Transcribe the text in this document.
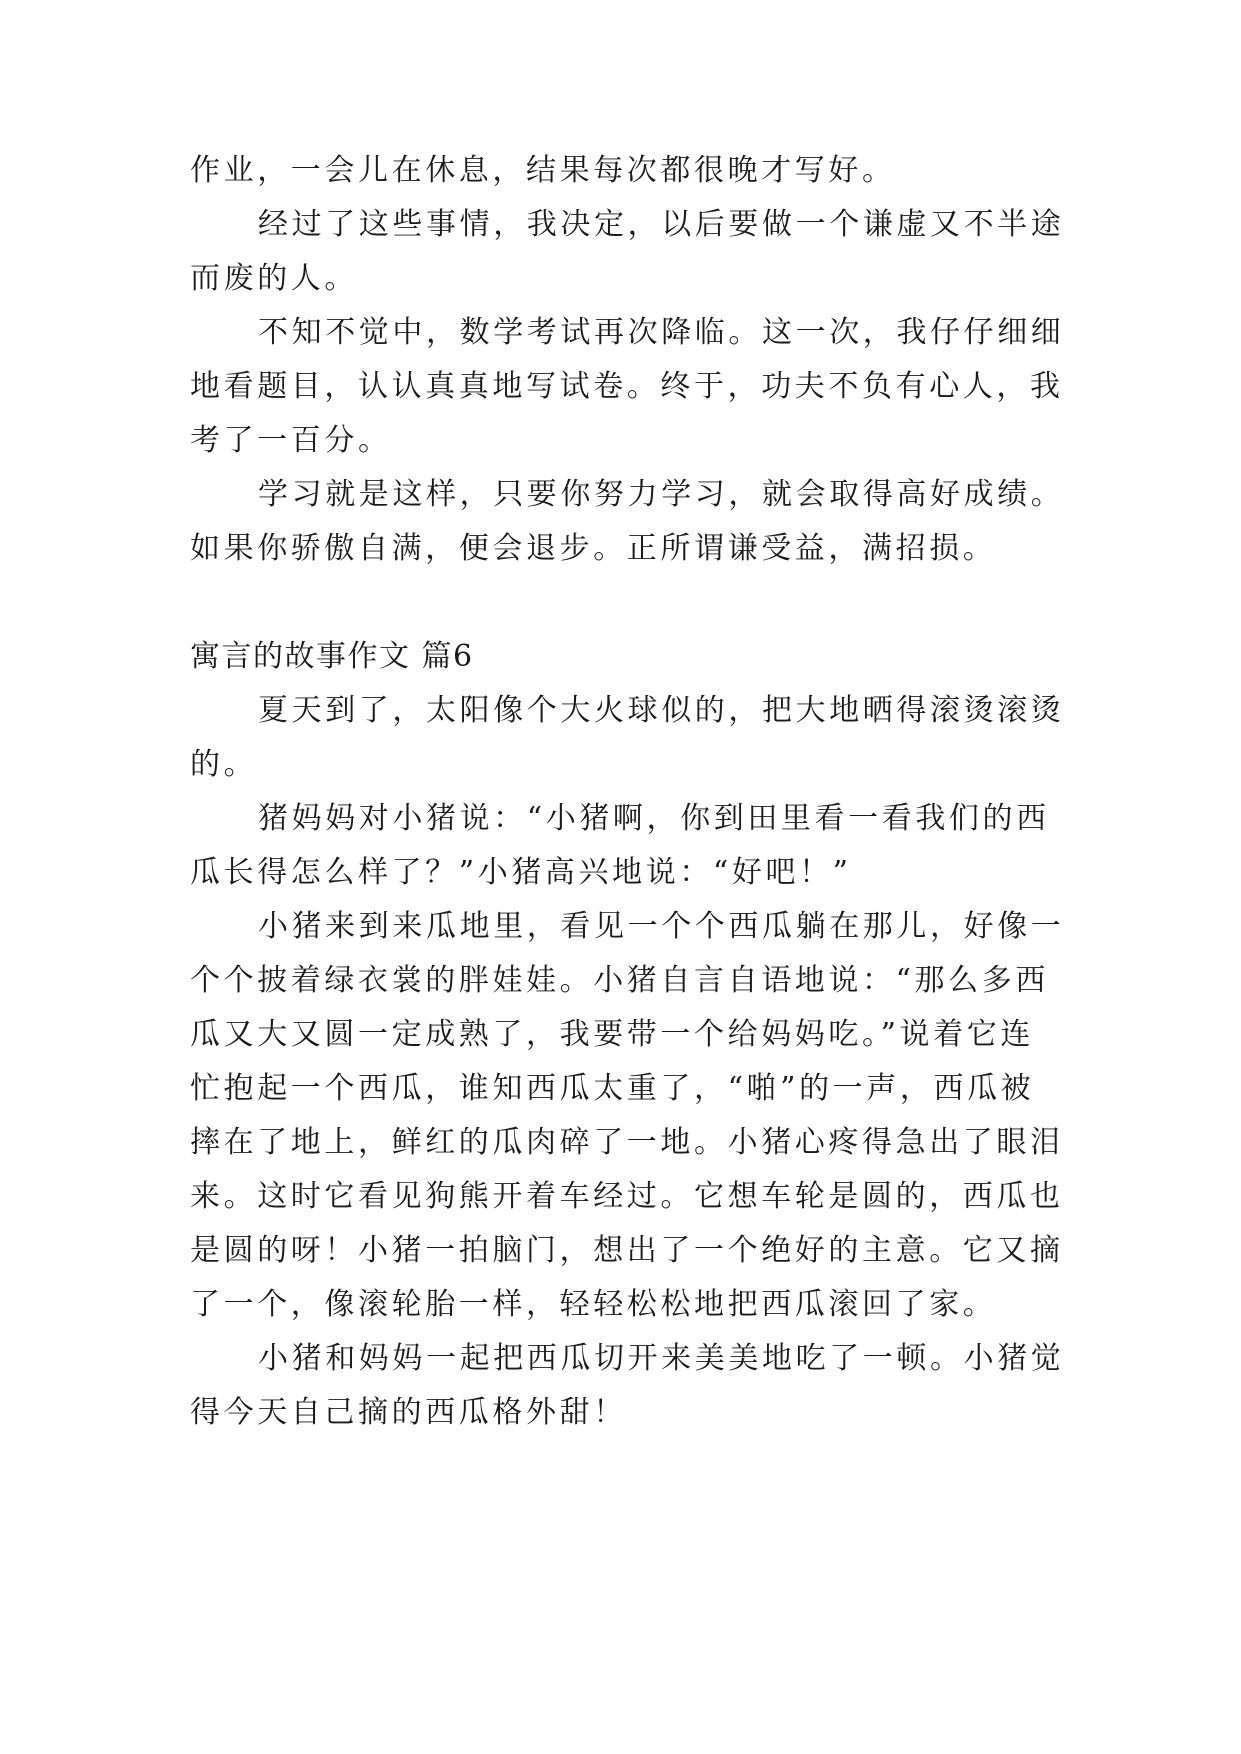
作业，一会儿在休息，结果每次都很晚才写好。
经过了这些事情，我决定，以后要做一个谦虚又不半途
而废的人。
不知不觉中，数学考试再次降临。这一次，我仔仔细细
地看题目，认认真真地写试卷。终于，功夫不负有心人，我
考了一百分。
学习就是这样，只要你努力学习，就会取得高好成绩。
如果你骄傲自满，便会退步。正所谓谦受益，满招损。
寓言的故事作文 篇6
夏天到了，太阳像个大火球似的，把大地晒得滚烫滚烫
的。
猪妈妈对小猪说：“小猪啊，你到田里看一看我们的西
瓜长得怎么样了？”小猪高兴地说：“好吧！”
小猪来到来瓜地里，看见一个个西瓜躺在那儿，好像一
个个披着绿衣裳的胖娃娃。小猪自言自语地说：“那么多西
瓜又大又圆一定成熟了，我要带一个给妈妈吃。”说着它连
忙抱起一个西瓜，谁知西瓜太重了，“啪”的一声，西瓜被
摔在了地上，鲜红的瓜肉碎了一地。小猪心疼得急出了眼泪
来。这时它看见狗熊开着车经过。它想车轮是圆的，西瓜也
是圆的呀！小猪一拍脑门，想出了一个绝好的主意。它又摘
了一个，像滚轮胎一样，轻轻松松地把西瓜滚回了家。
小猪和妈妈一起把西瓜切开来美美地吃了一顿。小猪觉
得今天自己摘的西瓜格外甜！
